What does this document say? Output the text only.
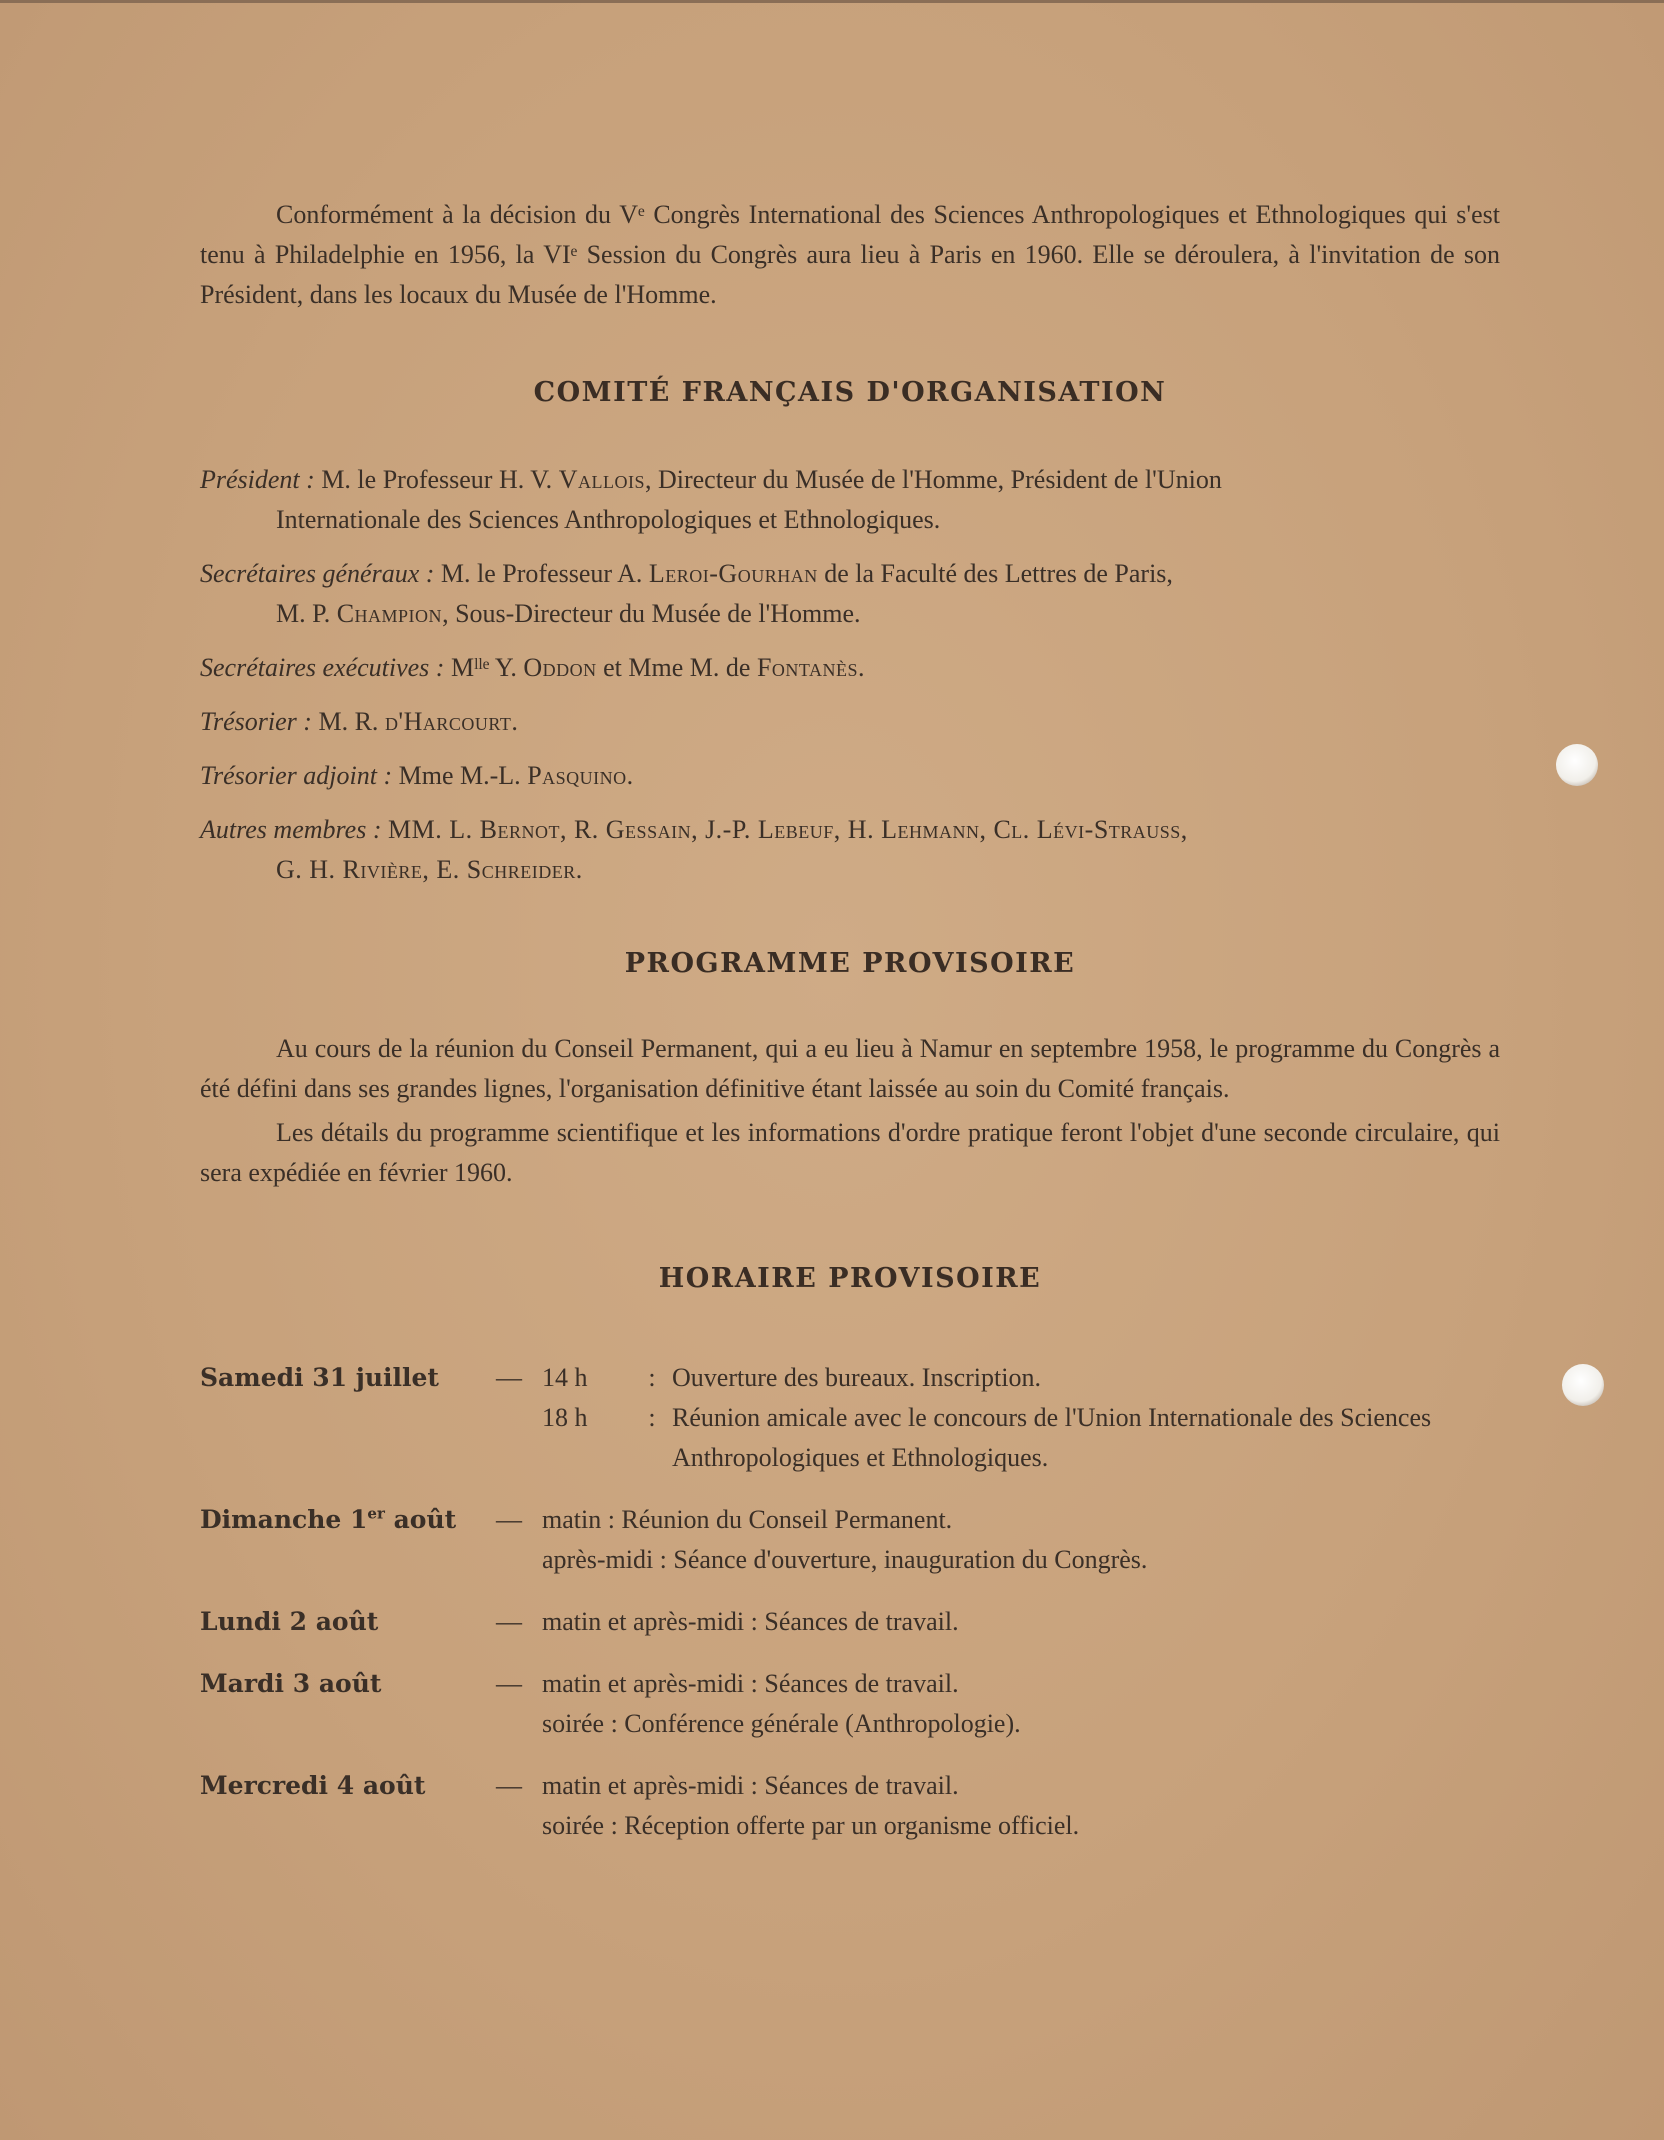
Conformément à la décision du Vᵉ Congrès International des Sciences Anthropologiques et Ethnologiques qui s'est tenu à Philadelphie en 1956, la VIᵉ Session du Congrès aura lieu à Paris en 1960. Elle se déroulera, à l'invitation de son Président, dans les locaux du Musée de l'Homme.

COMITÉ FRANÇAIS D'ORGANISATION
Président : M. le Professeur H. V. Vallois, Directeur du Musée de l'Homme, Président de l'Union
Internationale des Sciences Anthropologiques et Ethnologiques.
Secrétaires généraux : M. le Professeur A. Leroi-Gourhan de la Faculté des Lettres de Paris,
M. P. Champion, Sous-Directeur du Musée de l'Homme.
Secrétaires exécutives : Mˡˡᵉ Y. Oddon et Mme M. de Fontanès.
Trésorier : M. R. d'Harcourt.
Trésorier adjoint : Mme M.-L. Pasquino.
Autres membres : MM. L. Bernot, R. Gessain, J.-P. Lebeuf, H. Lehmann, Cl. Lévi-Strauss,
G. H. Rivière, E. Schreider.
PROGRAMME PROVISOIRE

Au cours de la réunion du Conseil Permanent, qui a eu lieu à Namur en septembre 1958, le programme du Congrès a été défini dans ses grandes lignes, l'organisation définitive étant laissée au soin du Comité français.

Les détails du programme scientifique et les informations d'ordre pratique feront l'objet d'une seconde circulaire, qui sera expédiée en février 1960.

HORAIRE PROVISOIRE
Samedi 31 juillet	— 14 h	: Ouverture des bureaux. Inscription.
18 h	: Réunion amicale avec le concours de l'Union Internationale des Sciences Anthropologiques et Ethnologiques.
Dimanche 1er août	— matin : Réunion du Conseil Permanent.
après-midi : Séance d'ouverture, inauguration du Congrès.
Lundi 2 août	— matin et après-midi : Séances de travail.
Mardi 3 août	— matin et après-midi : Séances de travail.
soirée : Conférence générale (Anthropologie).
Mercredi 4 août	— matin et après-midi : Séances de travail.
soirée : Réception offerte par un organisme officiel.
